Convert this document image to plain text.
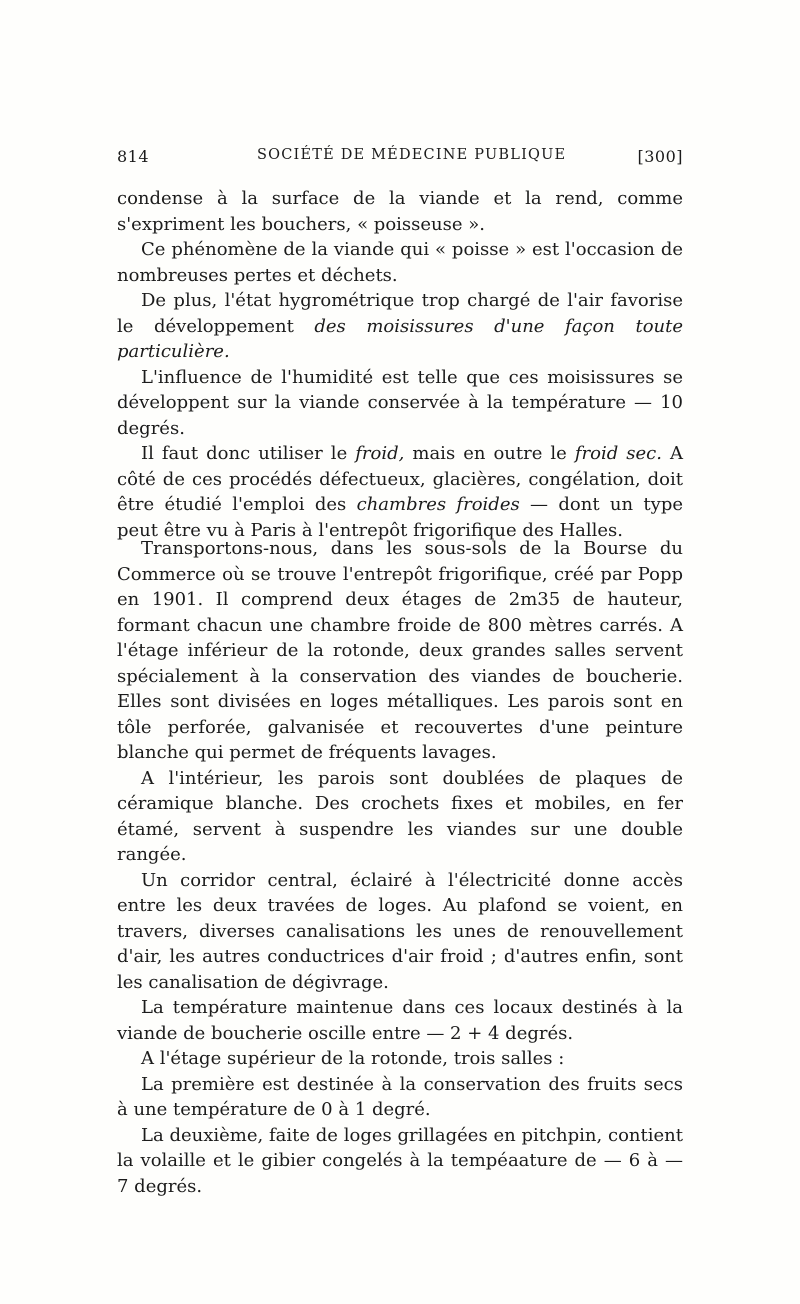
814	SOCIÉTÉ DE MÉDECINE PUBLIQUE	[300]

condense à la surface de la viande et la rend, comme s'expriment les bouchers, « poisseuse ».

Ce phénomène de la viande qui « poisse » est l'occasion de nombreuses pertes et déchets.

De plus, l'état hygrométrique trop chargé de l'air favorise le développement des moisissures d'une façon toute particulière.

L'influence de l'humidité est telle que ces moisissures se développent sur la viande conservée à la température — 10 degrés.

Il faut donc utiliser le froid, mais en outre le froid sec. A côté de ces procédés défectueux, glacières, congélation, doit être étudié l'emploi des chambres froides — dont un type peut être vu à Paris à l'entrepôt frigorifique des Halles.

Transportons-nous, dans les sous-sols de la Bourse du Commerce où se trouve l'entrepôt frigorifique, créé par Popp en 1901. Il comprend deux étages de 2m35 de hauteur, formant chacun une chambre froide de 800 mètres carrés. A l'étage inférieur de la rotonde, deux grandes salles servent spécialement à la conservation des viandes de boucherie. Elles sont divisées en loges métalliques. Les parois sont en tôle perforée, galvanisée et recouvertes d'une peinture blanche qui permet de fréquents lavages.

A l'intérieur, les parois sont doublées de plaques de céramique blanche. Des crochets fixes et mobiles, en fer étamé, servent à suspendre les viandes sur une double rangée.

Un corridor central, éclairé à l'électricité donne accès entre les deux travées de loges. Au plafond se voient, en travers, diverses canalisations les unes de renouvellement d'air, les autres conductrices d'air froid ; d'autres enfin, sont les canalisation de dégivrage.

La température maintenue dans ces locaux destinés à la viande de boucherie oscille entre — 2 + 4 degrés.

A l'étage supérieur de la rotonde, trois salles :

La première est destinée à la conservation des fruits secs à une température de 0 à 1 degré.

La deuxième, faite de loges grillagées en pitchpin, contient la volaille et le gibier congelés à la tempéaature de — 6 à — 7 degrés.
